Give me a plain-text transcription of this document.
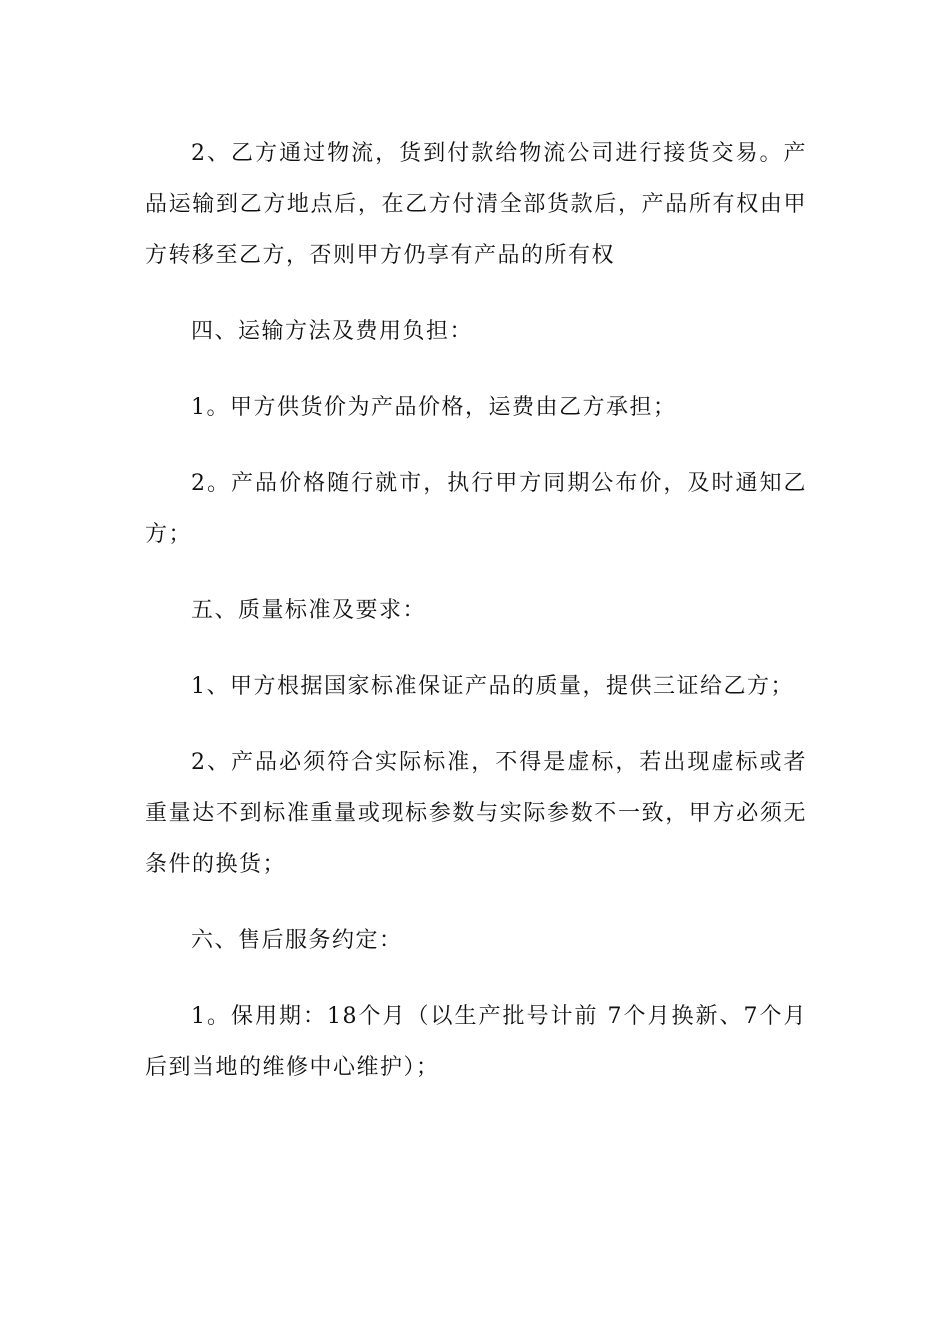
2、乙方通过物流，货到付款给物流公司进行接货交易。产品运输到乙方地点后，在乙方付清全部货款后，产品所有权由甲方转移至乙方，否则甲方仍享有产品的所有权

四、运输方法及费用负担：

1。甲方供货价为产品价格，运费由乙方承担；

2。产品价格随行就市，执行甲方同期公布价，及时通知乙方；

五、质量标准及要求：

1、甲方根据国家标准保证产品的质量，提供三证给乙方；

2、产品必须符合实际标准，不得是虚标，若出现虚标或者重量达不到标准重量或现标参数与实际参数不一致，甲方必须无条件的换货；

六、售后服务约定：

1。保用期：18个月（以生产批号计前 7个月换新、7个月后到当地的维修中心维护）；
